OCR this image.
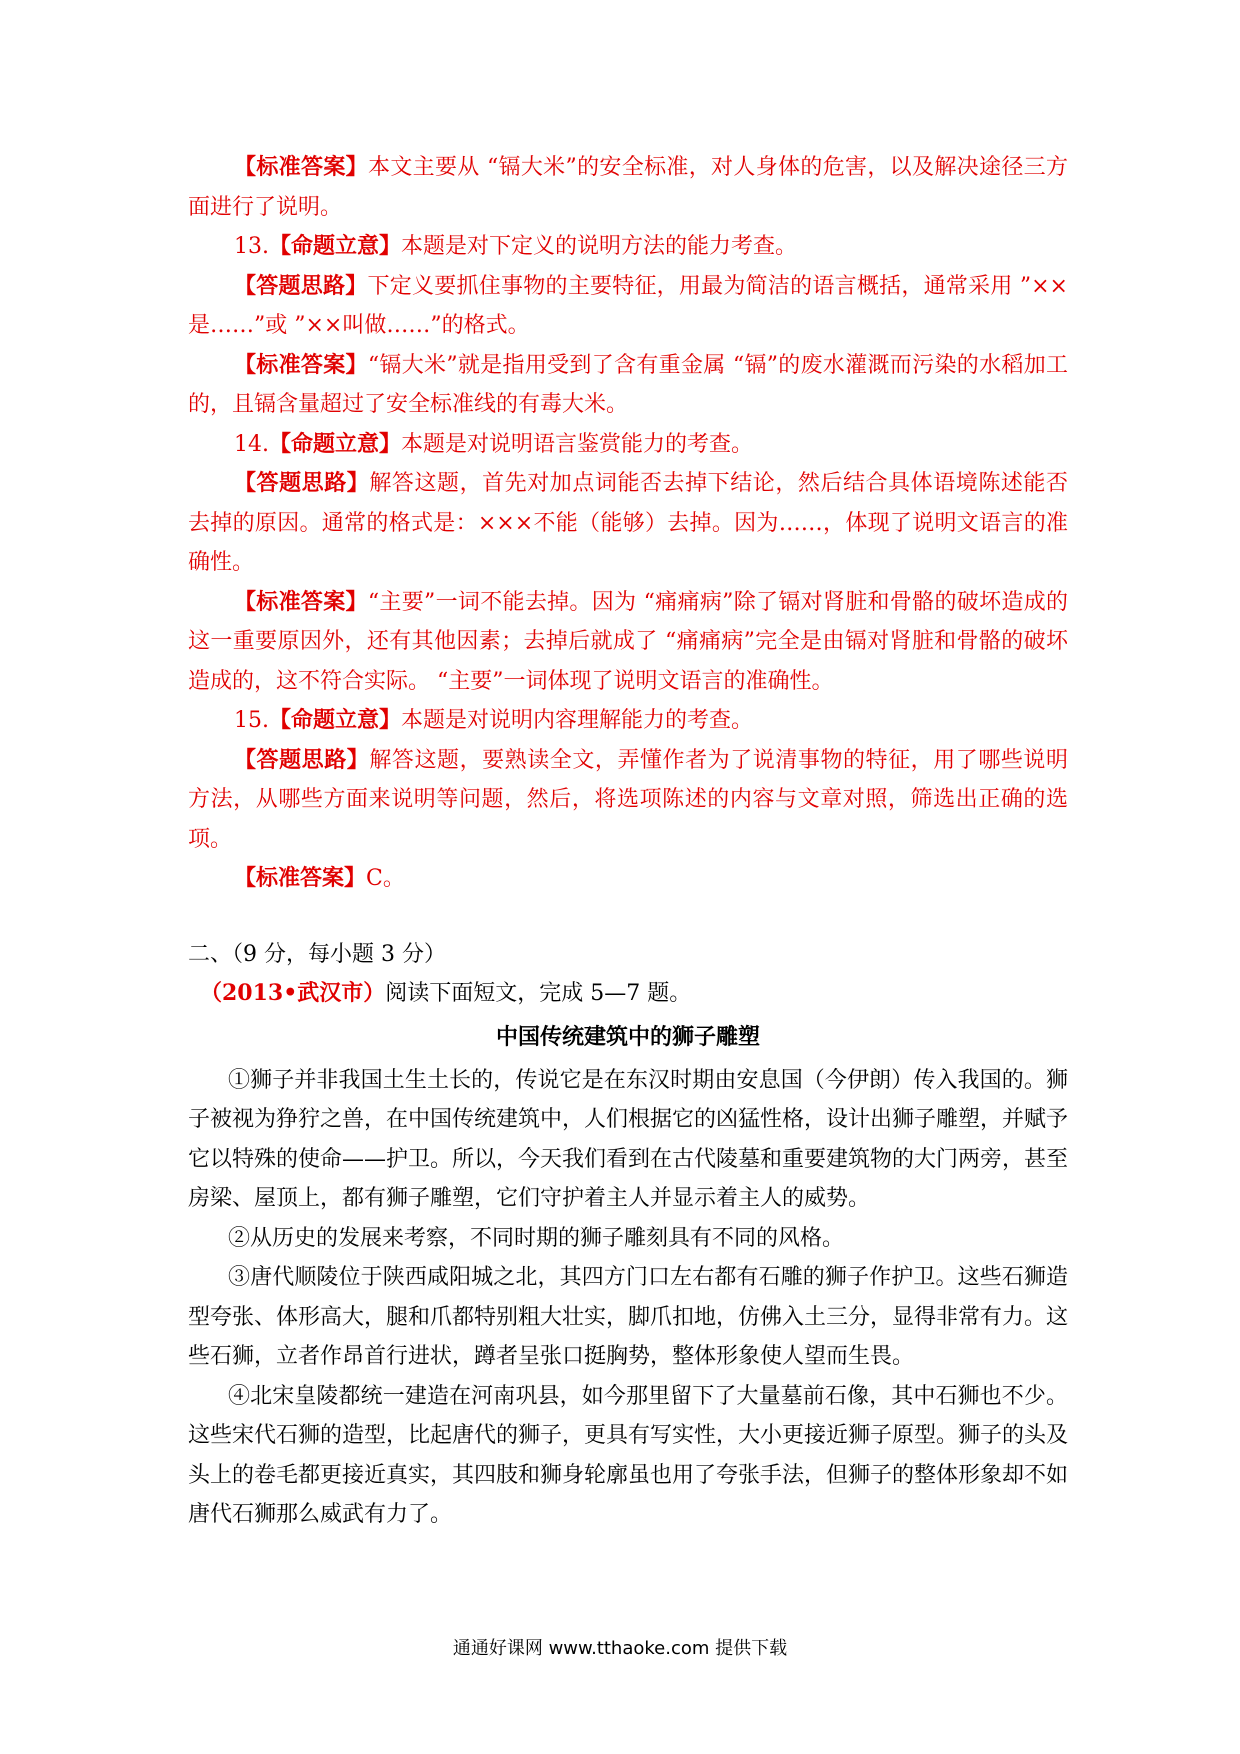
【标准答案】本文主要从 “镉大米”的安全标准，对人身体的危害，以及解决途径三方面进行了说明。

13.【命题立意】本题是对下定义的说明方法的能力考查。

【答题思路】下定义要抓住事物的主要特征，用最为简洁的语言概括，通常采用 ”××是……”或 ”××叫做……”的格式。

【标准答案】“镉大米”就是指用受到了含有重金属 “镉”的废水灌溉而污染的水稻加工的，且镉含量超过了安全标准线的有毒大米。

14.【命题立意】本题是对说明语言鉴赏能力的考查。

【答题思路】解答这题，首先对加点词能否去掉下结论，然后结合具体语境陈述能否去掉的原因。通常的格式是：×××不能（能够）去掉。因为……，体现了说明文语言的准确性。

【标准答案】“主要”一词不能去掉。因为 “痛痛病”除了镉对肾脏和骨骼的破坏造成的这一重要原因外，还有其他因素；去掉后就成了 “痛痛病”完全是由镉对肾脏和骨骼的破坏造成的，这不符合实际。 “主要”一词体现了说明文语言的准确性。

15.【命题立意】本题是对说明内容理解能力的考查。

【答题思路】解答这题，要熟读全文，弄懂作者为了说清事物的特征，用了哪些说明方法，从哪些方面来说明等问题，然后，将选项陈述的内容与文章对照，筛选出正确的选项。

【标准答案】C。

二、（9 分，每小题 3 分）

（2013•武汉市）阅读下面短文，完成 5—7 题。

中国传统建筑中的狮子雕塑

①狮子并非我国土生土长的，传说它是在东汉时期由安息国（今伊朗）传入我国的。狮子被视为狰狞之兽，在中国传统建筑中，人们根据它的凶猛性格，设计出狮子雕塑，并赋予它以特殊的使命——护卫。所以，今天我们看到在古代陵墓和重要建筑物的大门两旁，甚至房梁、屋顶上，都有狮子雕塑，它们守护着主人并显示着主人的威势。

②从历史的发展来考察，不同时期的狮子雕刻具有不同的风格。

③唐代顺陵位于陕西咸阳城之北，其四方门口左右都有石雕的狮子作护卫。这些石狮造型夸张、体形高大，腿和爪都特别粗大壮实，脚爪扣地，仿佛入土三分，显得非常有力。这些石狮，立者作昂首行进状，蹲者呈张口挺胸势，整体形象使人望而生畏。

④北宋皇陵都统一建造在河南巩县，如今那里留下了大量墓前石像，其中石狮也不少。这些宋代石狮的造型，比起唐代的狮子，更具有写实性，大小更接近狮子原型。狮子的头及头上的卷毛都更接近真实，其四肢和狮身轮廓虽也用了夸张手法，但狮子的整体形象却不如唐代石狮那么威武有力了。

通通好课网 www.tthaoke.com 提供下载
